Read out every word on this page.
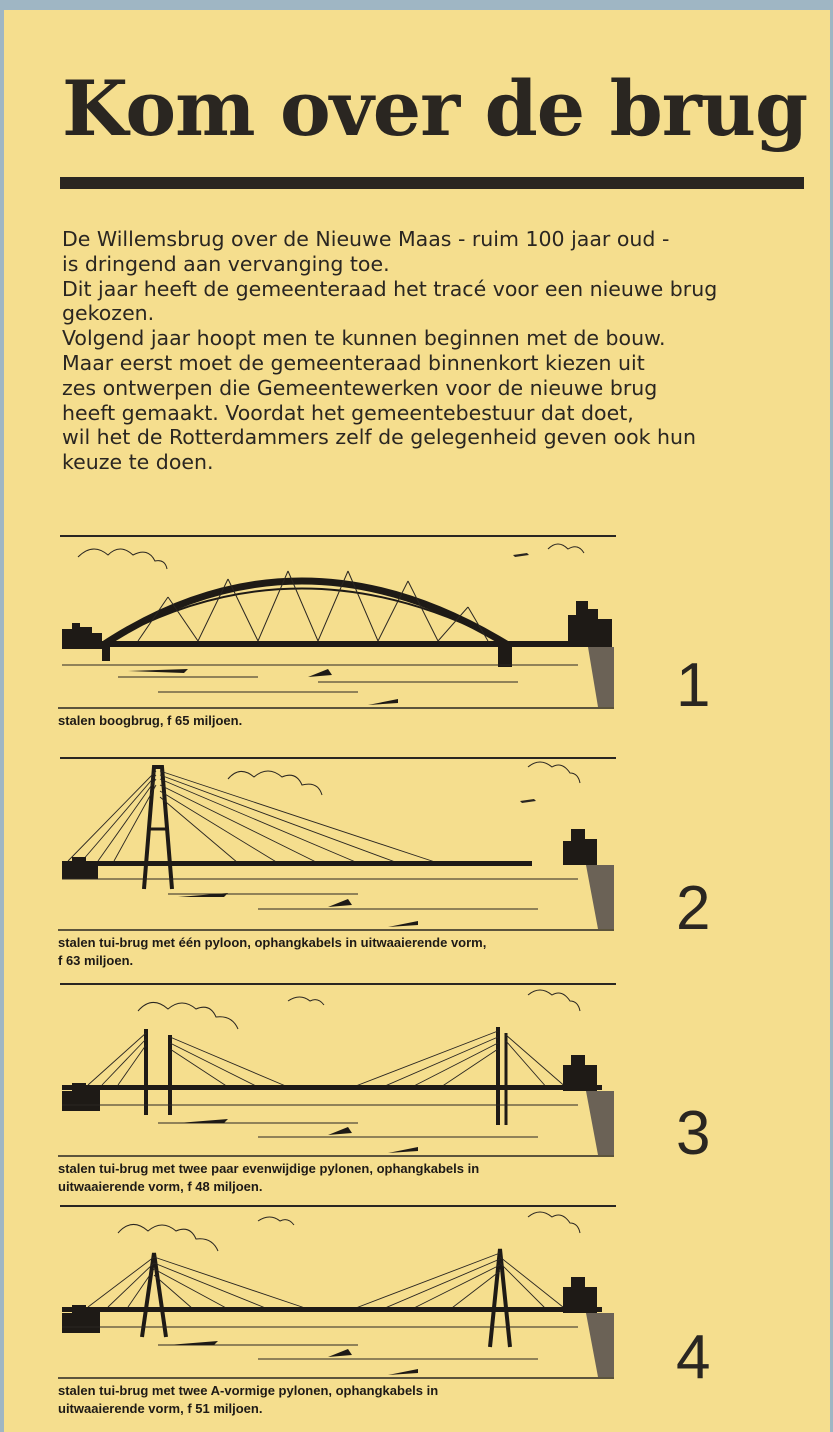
Kom over de brug
De Willemsbrug over de Nieuwe Maas - ruim 100 jaar oud -
is dringend aan vervanging toe.
Dit jaar heeft de gemeenteraad het tracé voor een nieuwe brug
gekozen.
Volgend jaar hoopt men te kunnen beginnen met de bouw.
Maar eerst moet de gemeenteraad binnenkort kiezen uit
zes ontwerpen die Gemeentewerken voor de nieuwe brug
heeft gemaakt. Voordat het gemeentebestuur dat doet,
wil het de Rotterdammers zelf de gelegenheid geven ook hun
keuze te doen.
stalen boogbrug, f 65 miljoen.
1
stalen tui-brug met één pyloon, ophangkabels in uitwaaierende vorm,
f 63 miljoen.
2
stalen tui-brug met twee paar evenwijdige pylonen, ophangkabels in
uitwaaierende vorm, f 48 miljoen.
3
stalen tui-brug met twee A-vormige pylonen, ophangkabels in
uitwaaierende vorm, f 51 miljoen.
4
